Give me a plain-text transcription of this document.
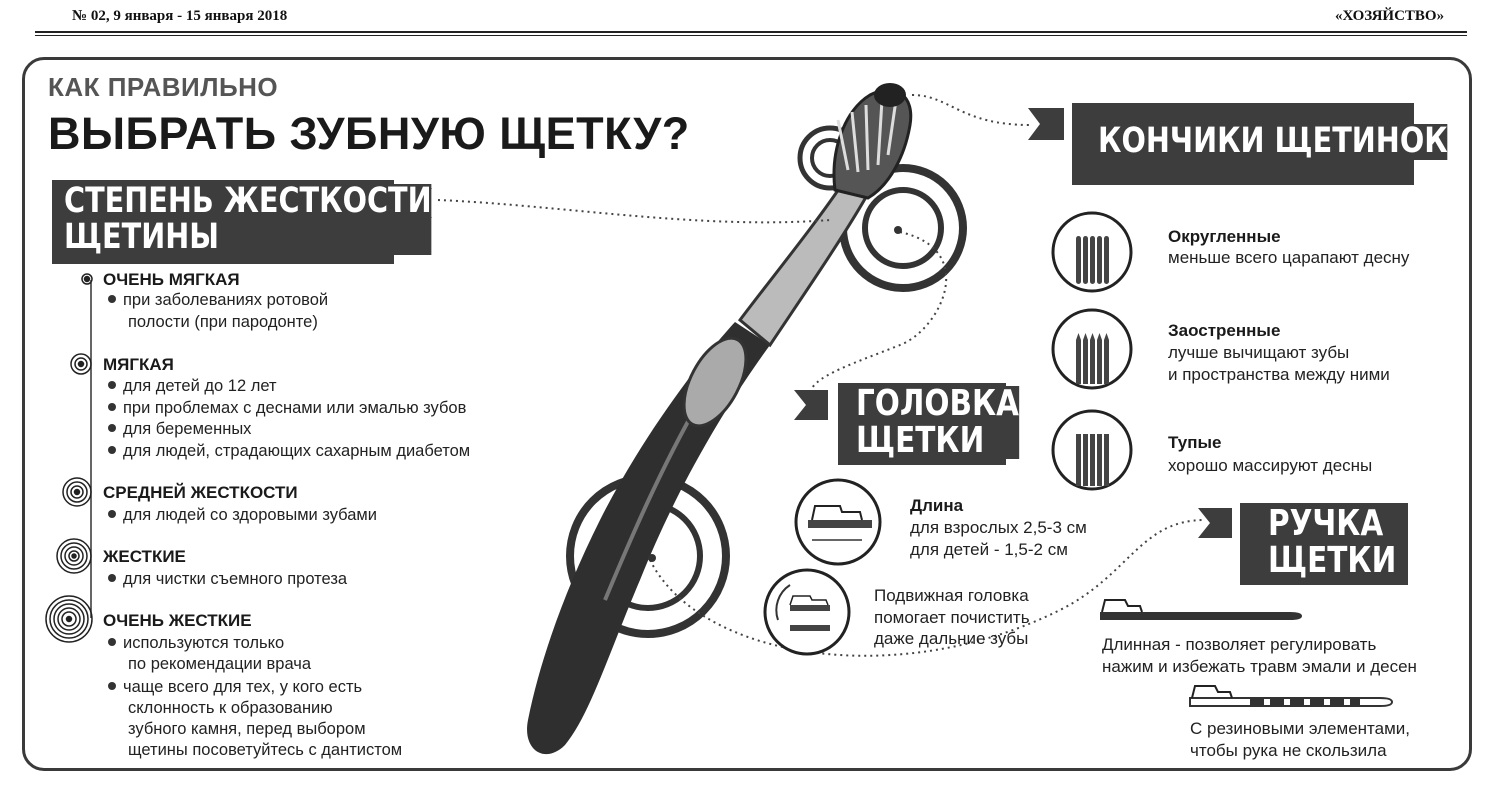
№ 02, 9 января - 15 января 2018	«ХОЗЯЙСТВО»
КАК ПРАВИЛЬНО
ВЫБРАТЬ ЗУБНУЮ ЩЕТКУ?
СТЕПЕНЬ ЖЕСТКОСТИ
ЩЕТИНЫ
ОЧЕНЬ МЯГКАЯ
при заболеваниях ротовой
полости (при пародонте)
МЯГКАЯ
для детей до 12 лет
при проблемах с деснами или эмалью зубов
для беременных
для людей, страдающих сахарным диабетом
СРЕДНЕЙ ЖЕСТКОСТИ
для людей со здоровыми зубами
ЖЕСТКИЕ
для чистки съемного протеза
ОЧЕНЬ ЖЕСТКИЕ
используются только
по рекомендации врача
чаще всего для тех, у кого есть
склонность к образованию
зубного камня, перед выбором
щетины посоветуйтесь с дантистом
КОНЧИКИ ЩЕТИНОК
Округленные
меньше всего царапают десну
Заостренные
лучше вычищают зубы
и пространства между ними
Тупые
хорошо массируют десны
ГОЛОВКА
ЩЕТКИ
Длина
для взрослых 2,5-3 см
для детей - 1,5-2 см
Подвижная головка
помогает почистить
даже дальние зубы
РУЧКА
ЩЕТКИ
Длинная - позволяет регулировать
нажим и избежать травм эмали и десен
С резиновыми элементами,
чтобы рука не скользила
